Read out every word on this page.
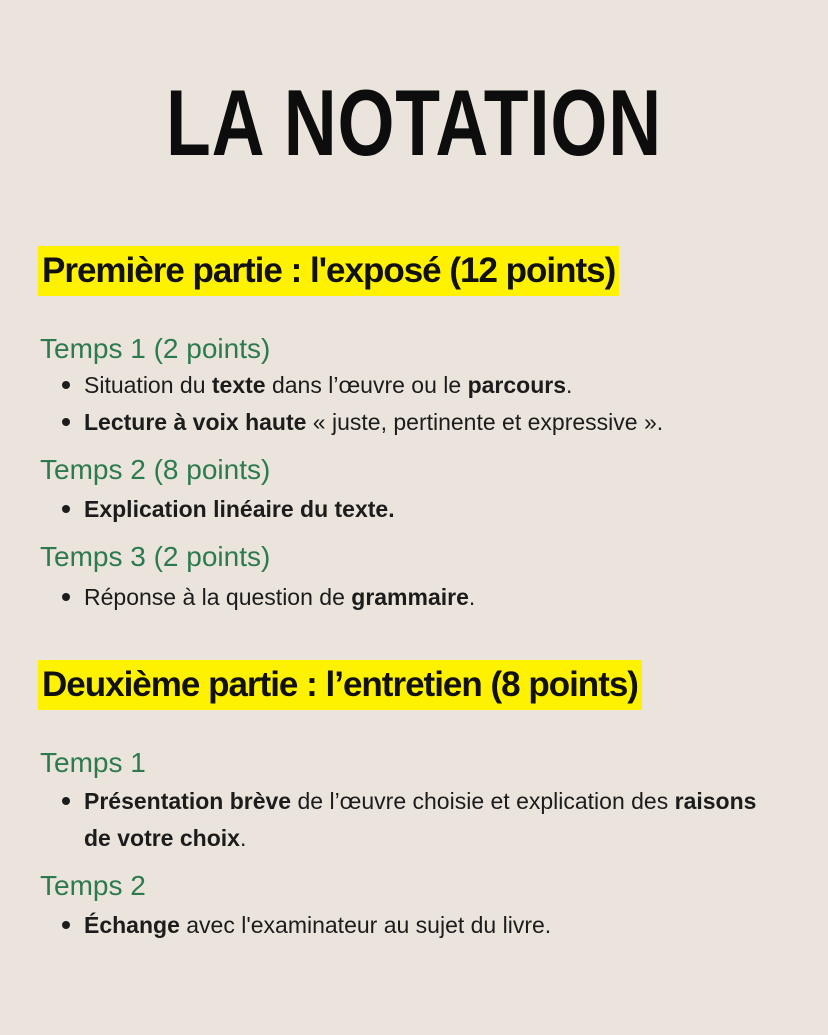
LA NOTATION
Première partie : l'exposé (12 points)
Temps 1 (2 points)
Situation du texte dans l’œuvre ou le parcours.
Lecture à voix haute « juste, pertinente et expressive ».
Temps 2 (8 points)
Explication linéaire du texte.
Temps 3 (2 points)
Réponse à la question de grammaire.
Deuxième partie : l’entretien (8 points)
Temps 1
Présentation brève de l’œuvre choisie et explication des raisons de votre choix.
Temps 2
Échange avec l'examinateur au sujet du livre.
